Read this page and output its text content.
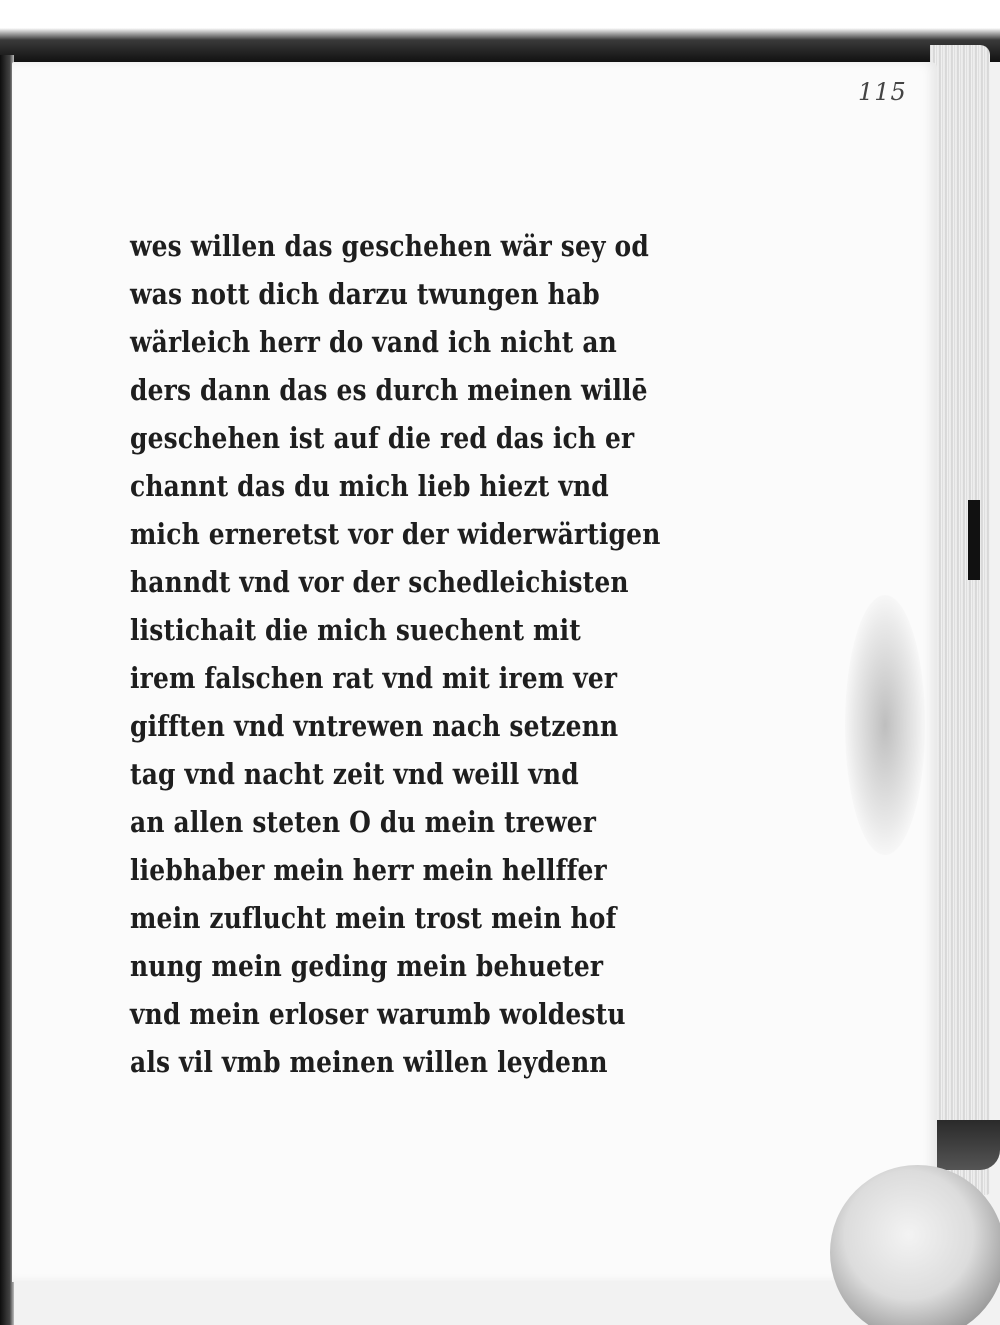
115
wes willen das geschehen wär sey od
was nott dich darzu twungen hab
wärleich herr do vand ich nicht an
ders dann das es durch meinen willē
geschehen ist auf die red das ich er
channt das du mich lieb hiezt vnd
mich erneretst vor der widerwärtigen
hanndt vnd vor der schedleichisten
listichait die mich suechent mit
irem falschen rat vnd mit irem ver
gifften vnd vntrewen nach setzenn
tag vnd nacht zeit vnd weill vnd
an allen steten O du mein trewer
liebhaber mein herr mein hellffer
mein zuflucht mein trost mein hof
nung mein geding mein behueter
vnd mein erloser warumb woldestu
als vil vmb meinen willen leydenn
